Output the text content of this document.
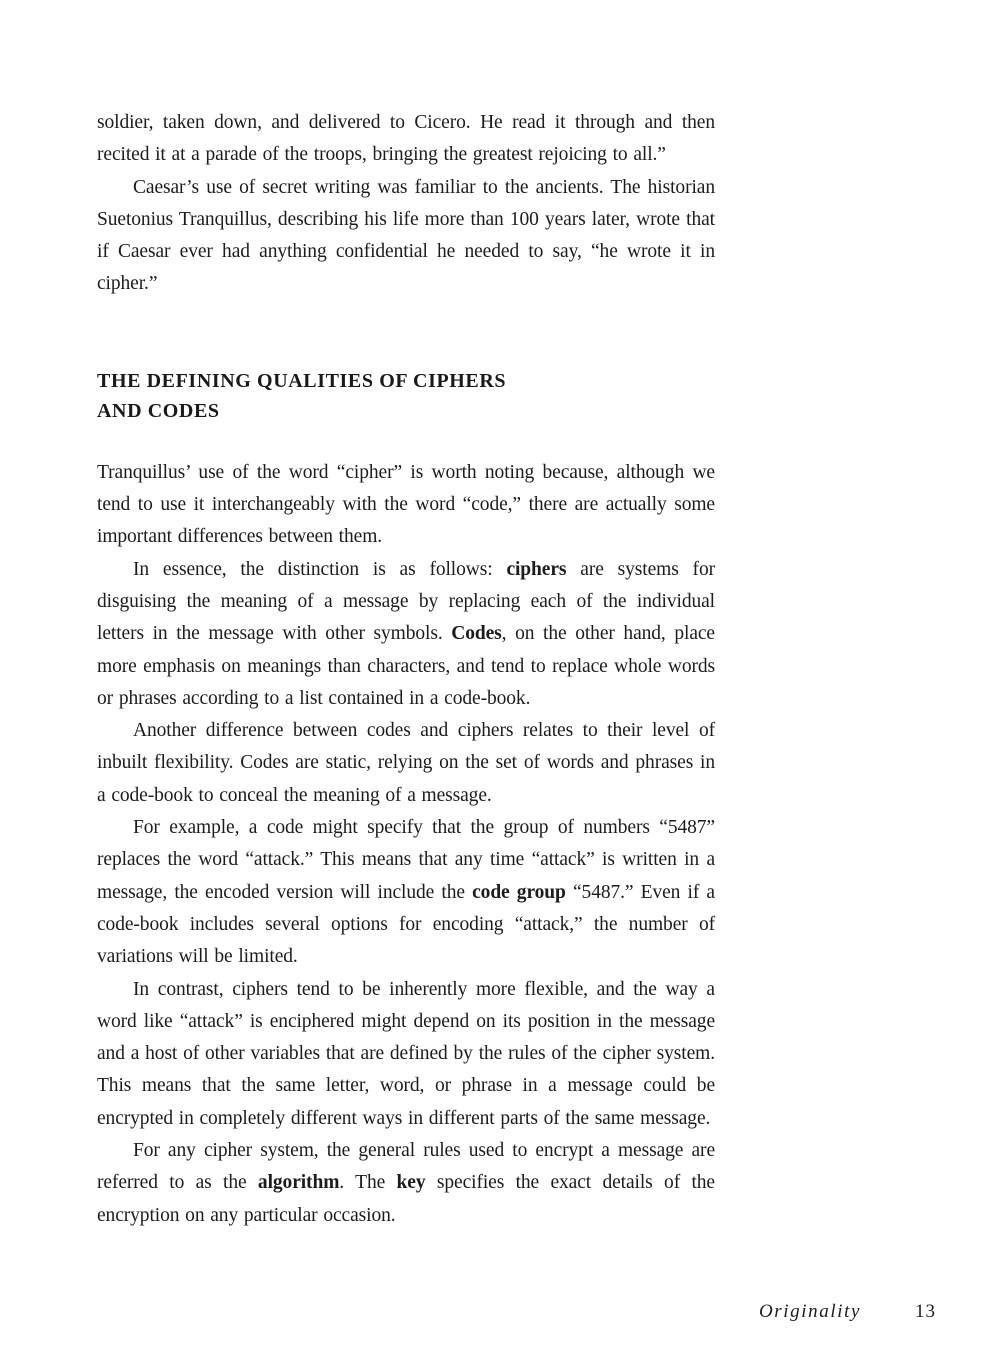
soldier, taken down, and delivered to Cicero. He read it through and then recited it at a parade of the troops, bringing the greatest rejoicing to all.”

Caesar’s use of secret writing was familiar to the ancients. The historian Suetonius Tranquillus, describing his life more than 100 years later, wrote that if Caesar ever had anything confidential he needed to say, “he wrote it in cipher.”

THE DEFINING QUALITIES OF CIPHERS
AND CODES

Tranquillus’ use of the word “cipher” is worth noting because, although we tend to use it interchangeably with the word “code,” there are actually some important differences between them.

In essence, the distinction is as follows: ciphers are systems for disguising the meaning of a message by replacing each of the individual letters in the message with other symbols. Codes, on the other hand, place more emphasis on meanings than characters, and tend to replace whole words or phrases according to a list contained in a code-book.

Another difference between codes and ciphers relates to their level of inbuilt flexibility. Codes are static, relying on the set of words and phrases in a code-book to conceal the meaning of a message.

For example, a code might specify that the group of numbers “5487” replaces the word “attack.” This means that any time “attack” is written in a message, the encoded version will include the code group “5487.” Even if a code-book includes several options for encoding “attack,” the number of variations will be limited.

In contrast, ciphers tend to be inherently more flexible, and the way a word like “attack” is enciphered might depend on its position in the message and a host of other variables that are defined by the rules of the cipher system. This means that the same letter, word, or phrase in a message could be encrypted in completely different ways in different parts of the same message.

For any cipher system, the general rules used to encrypt a message are referred to as the algorithm. The key specifies the exact details of the encryption on any particular occasion.

Originality	13
